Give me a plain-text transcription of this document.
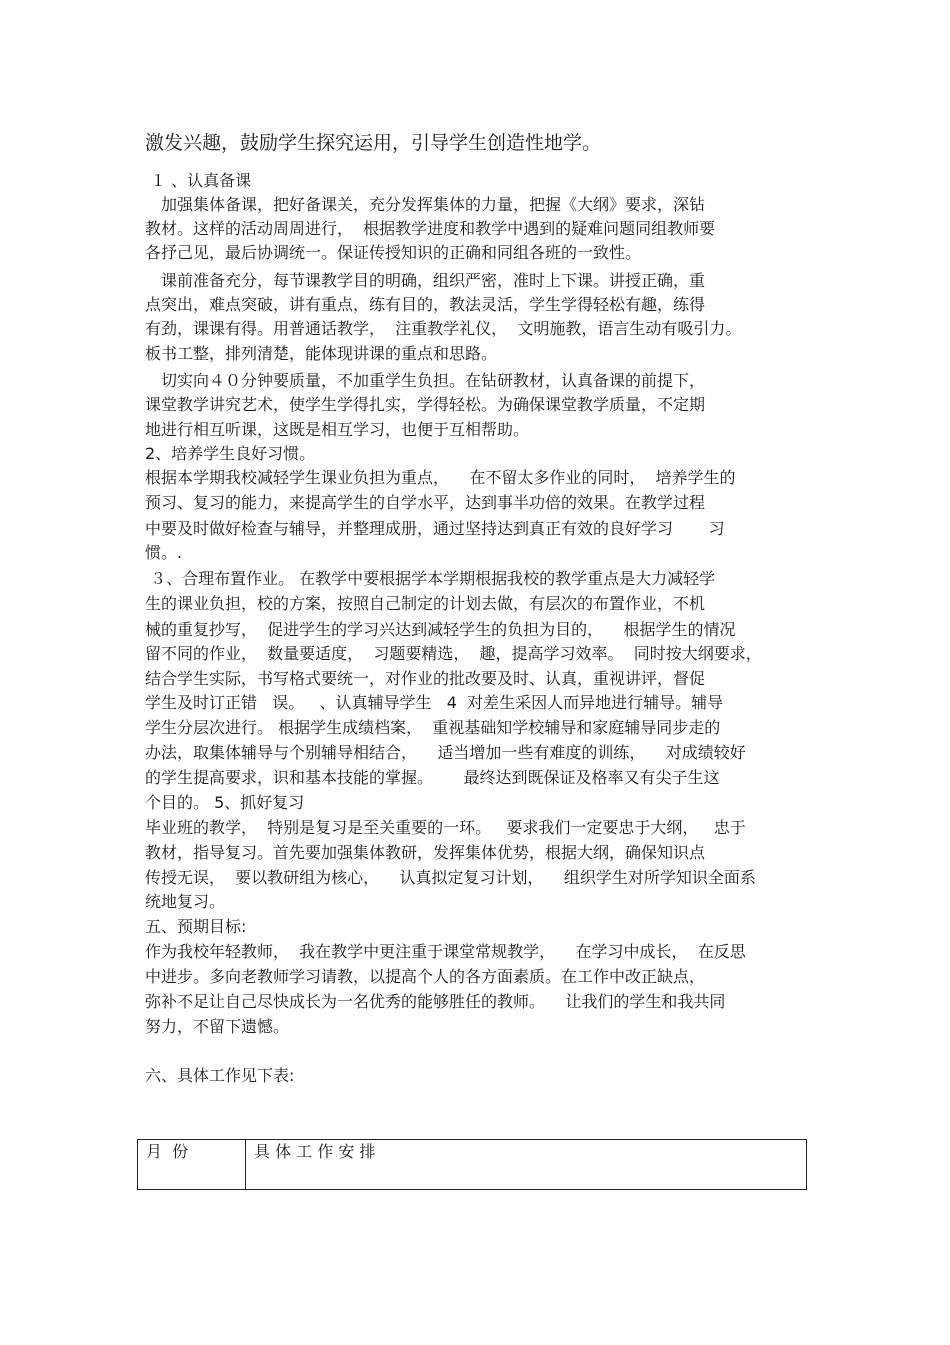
激发兴趣，鼓励学生探究运用，引导学生创造性地学。
１ 、认真备课
　加强集体备课，把好备课关，充分发挥集体的力量，把握《大纲》要求，深钻
教材。这样的活动周周进行，  根据教学进度和教学中遇到的疑难问题同组教师要
各抒己见，最后协调统一。保证传授知识的正确和同组各班的一致性。
　课前准备充分，每节课教学目的明确，组织严密，准时上下课。讲授正确，重
点突出，难点突破，讲有重点，练有目的，教法灵活，学生学得轻松有趣，练得
有劲，课课有得。用普通话教学，  注重教学礼仪，  文明施教，语言生动有吸引力。
板书工整，排列清楚，能体现讲课的重点和思路。
　切实向４０分钟要质量，不加重学生负担。在钻研教材，认真备课的前提下，
课堂教学讲究艺术，使学生学得扎实，学得轻松。为确保课堂教学质量，不定期
地进行相互听课，这既是相互学习，也便于互相帮助。
2、培养学生良好习惯。
根据本学期我校减轻学生课业负担为重点，    在不留太多作业的同时，  培养学生的
预习、复习的能力，来提高学生的自学水平，达到事半功倍的效果。在教学过程
中要及时做好检查与辅导，并整理成册，通过坚持达到真正有效的良好学习       习
惯。.
３、合理布置作业。 在教学中要根据学本学期根据我校的教学重点是大力减轻学
生的课业负担，校的方案，按照自己制定的计划去做，有层次的布置作业，不机
械的重复抄写，  促进学生的学习兴达到减轻学生的负担为目的，    根据学生的情况
留不同的作业，  数量要适度，  习题要精选，  趣，提高学习效率。  同时按大纲要求，
结合学生实际，书写格式要统一，对作业的批改要及时、认真，重视讲评，督促
学生及时订正错   误。   、认真辅导学生   4  对差生采因人而异地进行辅导。辅导
学生分层次进行。 根据学生成绩档案，  重视基础知学校辅导和家庭辅导同步走的
办法，取集体辅导与个别辅导相结合，    适当增加一些有难度的训练，    对成绩较好
的学生提高要求，识和基本技能的掌握。      最终达到既保证及格率又有尖子生这
个目的。 5、抓好复习
毕业班的教学，  特别是复习是至关重要的一环。   要求我们一定要忠于大纲，   忠于
教材，指导复习。首先要加强集体教研，发挥集体优势，根据大纲，确保知识点
传授无误，  要以教研组为核心，    认真拟定复习计划，    组织学生对所学知识全面系
统地复习。
五、预期目标:
作为我校年轻教师，  我在教学中更注重于课堂常规教学，    在学习中成长，  在反思
中进步。多向老教师学习请教，以提高个人的各方面素质。在工作中改正缺点，
弥补不足让自己尽快成长为一名优秀的能够胜任的教师。    让我们的学生和我共同
努力，不留下遗憾。
六、具体工作见下表:
月  份	具 体 工 作 安 排
